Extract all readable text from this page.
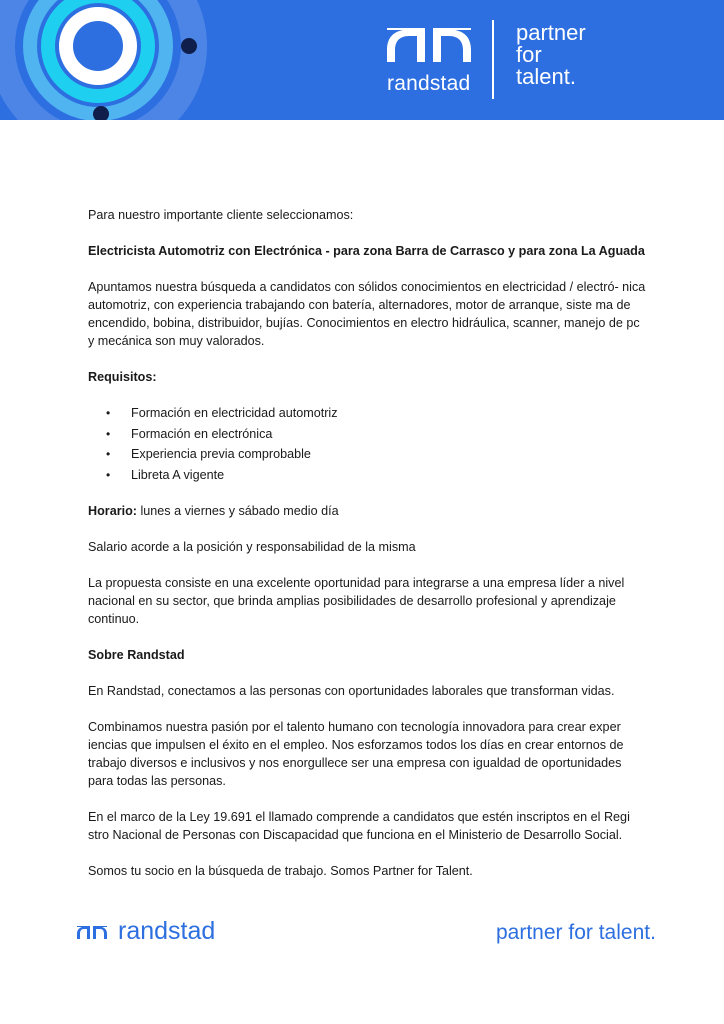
randstad
partner
for
talent.

Para nuestro importante cliente seleccionamos:

Electricista Automotriz con Electrónica - para zona Barra de Carrasco y para zona La Aguada

Apuntamos nuestra búsqueda a candidatos con sólidos conocimientos en electricidad / electró- nica automotriz, con experiencia trabajando con batería, alternadores, motor de arranque, siste ma de encendido, bobina, distribuidor, bujías. Conocimientos en electro hidráulica, scanner, manejo de pc y mecánica son muy valorados.

Requisitos:

• Formación en electricidad automotriz
• Formación en electrónica
• Experiencia previa comprobable
• Libreta A vigente

Horario: lunes a viernes y sábado medio día

Salario acorde a la posición y responsabilidad de la misma

La propuesta consiste en una excelente oportunidad para integrarse a una empresa líder a nivel nacional en su sector, que brinda amplias posibilidades de desarrollo profesional y aprendizaje continuo.

Sobre Randstad

En Randstad, conectamos a las personas con oportunidades laborales que transforman vidas.

Combinamos nuestra pasión por el talento humano con tecnología innovadora para crear exper iencias que impulsen el éxito en el empleo. Nos esforzamos todos los días en crear entornos de trabajo diversos e inclusivos y nos enorgullece ser una empresa con igualdad de oportunidades para todas las personas.

En el marco de la Ley 19.691 el llamado comprende a candidatos que estén inscriptos en el Regi stro Nacional de Personas con Discapacidad que funciona en el Ministerio de Desarrollo Social.

Somos tu socio en la búsqueda de trabajo. Somos Partner for Talent.

randstad	partner for talent.
